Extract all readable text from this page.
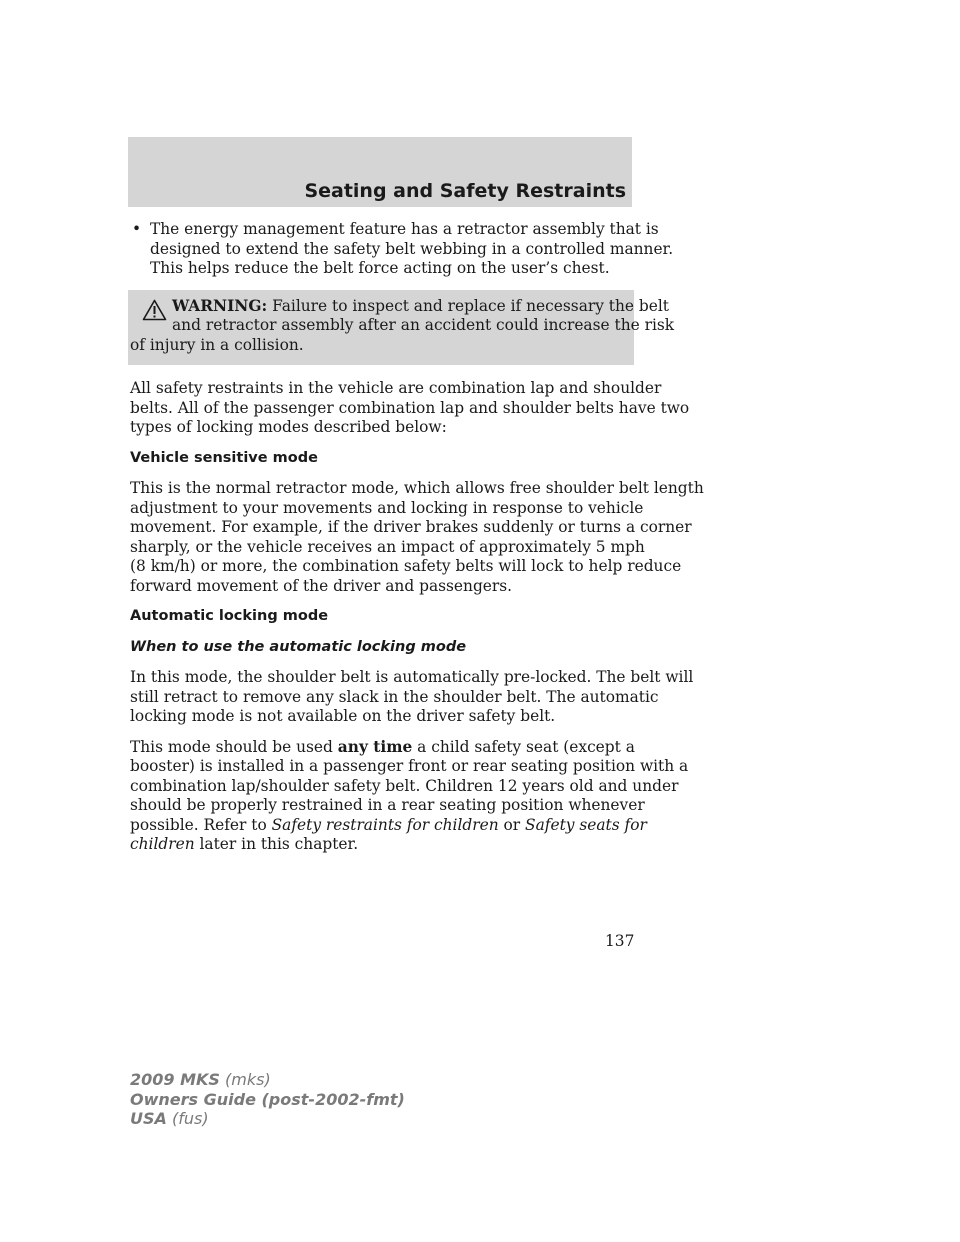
Seating and Safety Restraints
• The energy management feature has a retractor assembly that is

designed to extend the safety belt webbing in a controlled manner.

This helps reduce the belt force acting on the user’s chest.

WARNING: Failure to inspect and replace if necessary the belt

and retractor assembly after an accident could increase the risk

of injury in a collision.

All safety restraints in the vehicle are combination lap and shoulder

belts. All of the passenger combination lap and shoulder belts have two

types of locking modes described below:

Vehicle sensitive mode

This is the normal retractor mode, which allows free shoulder belt length

adjustment to your movements and locking in response to vehicle

movement. For example, if the driver brakes suddenly or turns a corner

sharply, or the vehicle receives an impact of approximately 5 mph

(8 km/h) or more, the combination safety belts will lock to help reduce

forward movement of the driver and passengers.

Automatic locking mode
When to use the automatic locking mode

In this mode, the shoulder belt is automatically pre-locked. The belt will

still retract to remove any slack in the shoulder belt. The automatic

locking mode is not available on the driver safety belt.

This mode should be used any time a child safety seat (except a

booster) is installed in a passenger front or rear seating position with a

combination lap/shoulder safety belt. Children 12 years old and under

should be properly restrained in a rear seating position whenever

possible. Refer to Safety restraints for children or Safety seats for

children later in this chapter.

137
2009 MKS (mks)
Owners Guide (post-2002-fmt)
USA (fus)
